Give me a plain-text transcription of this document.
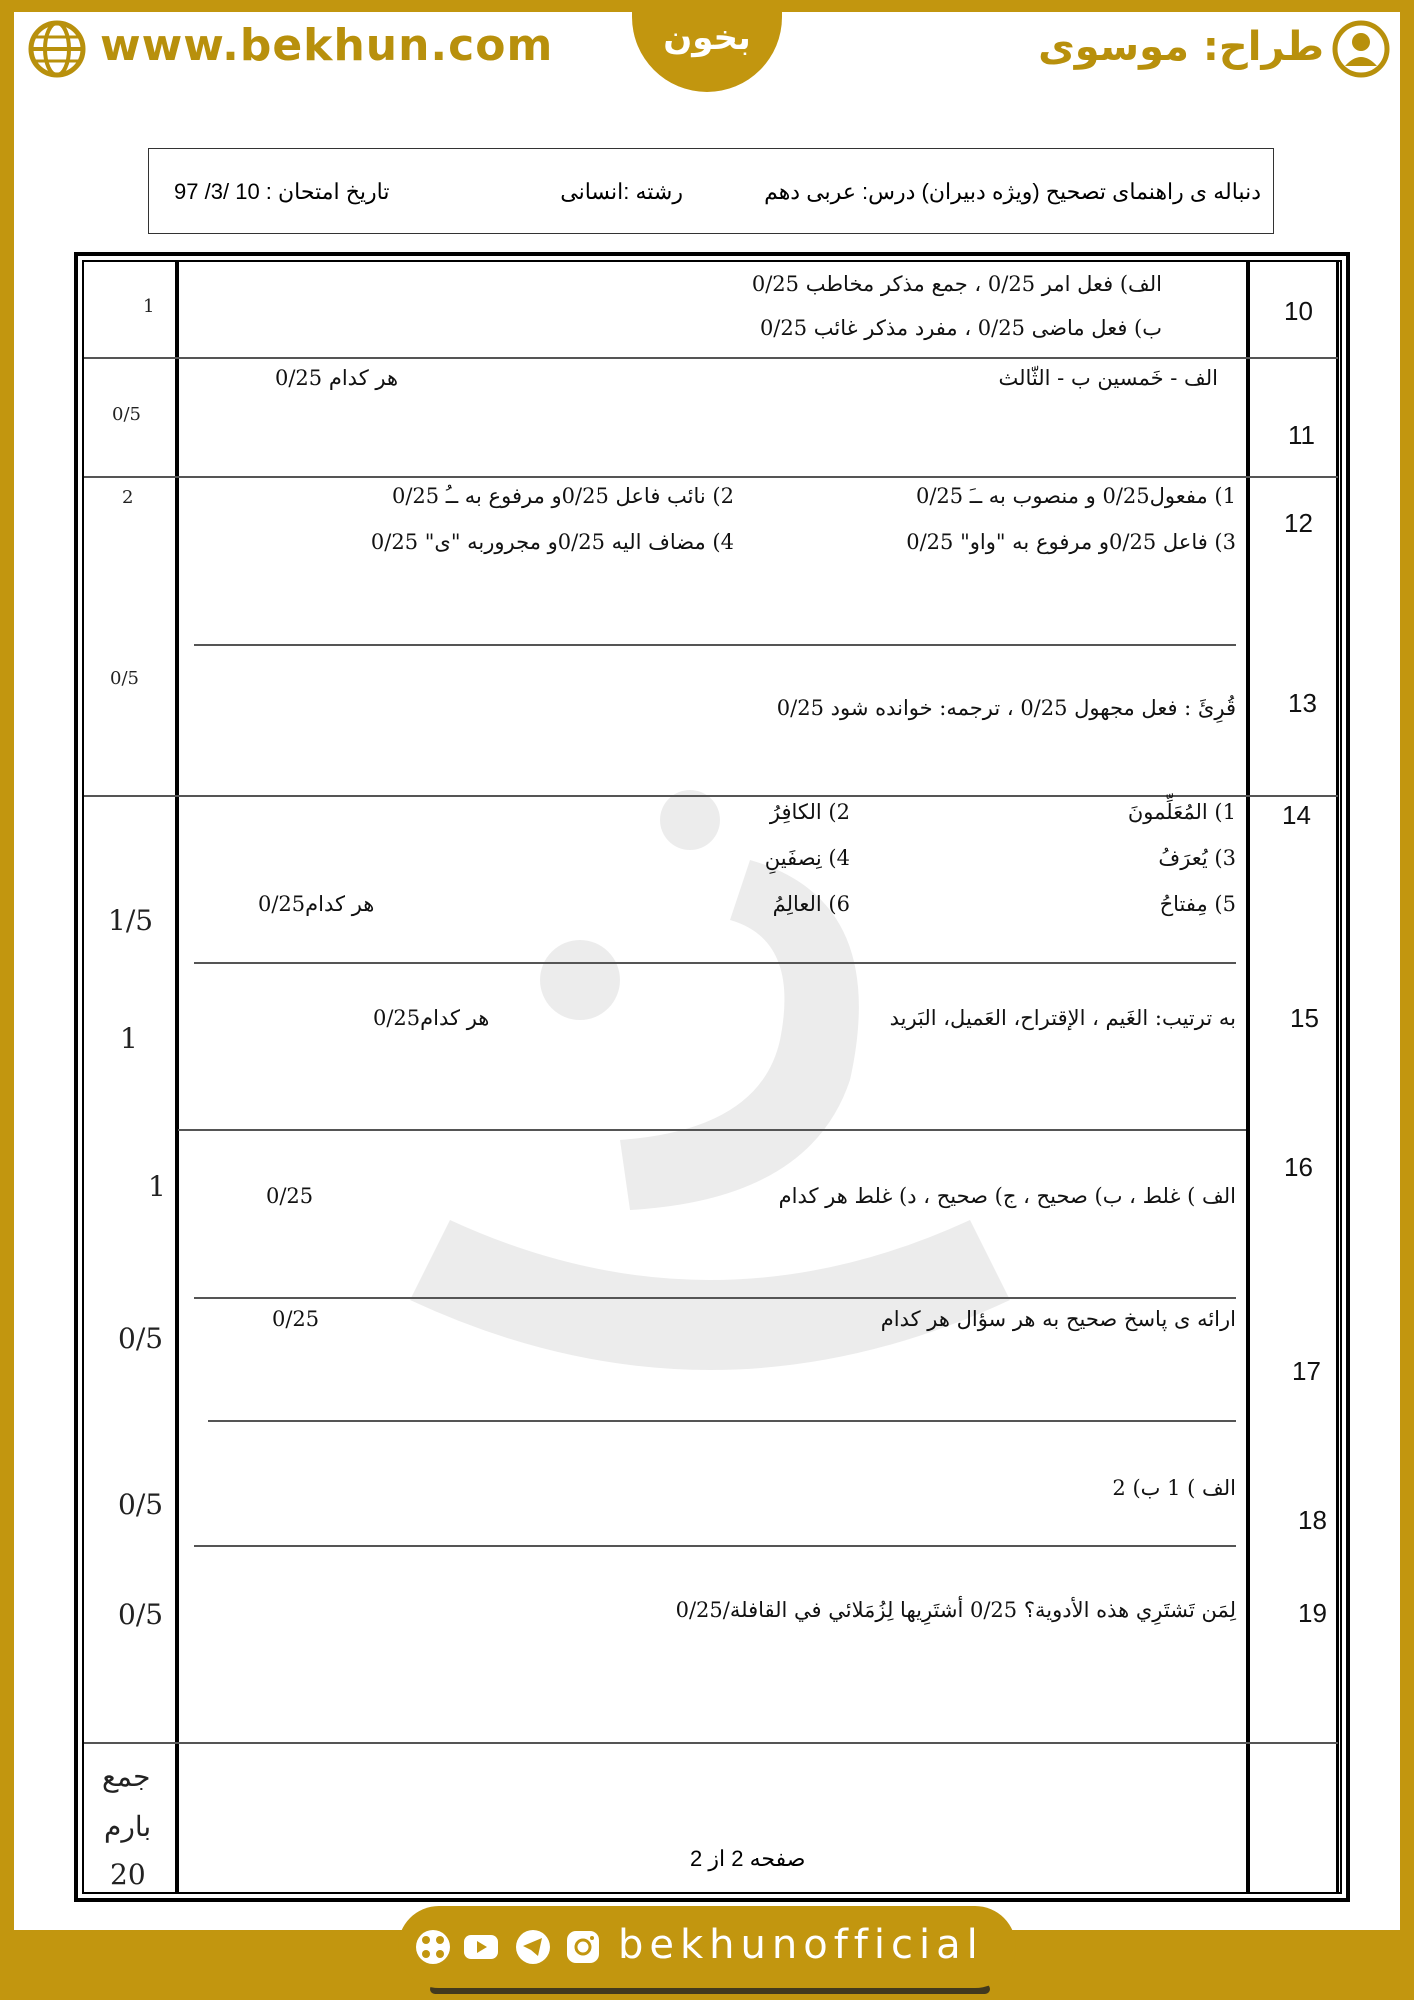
www.bekhun.com	بخون	طراح: موسوی
دنباله ی راهنمای تصحیح (ویژه دبیران) درس: عربی دهم
رشته :انسانی
تاریخ امتحان : 10 /3/ 97
10
الف) فعل امر 0/25 ، جمع مذکر مخاطب 0/25
ب) فعل ماضی 0/25 ، مفرد مذکر غائب 0/25
1
11
الف - خَمسین ب - الثّالث
هر کدام 0/25
0/5
12
1) مفعول0/25 و منصوب به ــَ 0/25
2) نائب فاعل 0/25و مرفوع به ــُ 0/25
3) فاعل 0/25و مرفوع به "واو" 0/25
4) مضاف الیه 0/25و مجروربه "ی" 0/25
2
13
قُرِئَ : فعل مجهول 0/25 ، ترجمه: خوانده شود 0/25
0/5
14
1) المُعَلِّمونَ
2) الکافِرُ
3) يُعرَفُ
4) نِصفَينِ
5) مِفتاحُ
6) العالِمُ
هر کدام0/25
1/5
15
به ترتیب: الغَیم ، الإقتراح، العَمیل، البَرید
هر کدام0/25
1
16
الف ) غلط ، ب) صحیح ، ج) صحیح ، د) غلط هر کدام
0/25
1
17
ارائه ی پاسخ صحیح به هر سؤال هر کدام
0/25
0/5
18
الف ) 1 ب) 2
0/5
19
لِمَن تَشتَرِي هذه الأدوية؟ 0/25 أشتَرِيها لِزُمَلائي في القافلة/0/25
0/5
جمع
بارم
20	صفحه 2 از 2
bekhunofficial
